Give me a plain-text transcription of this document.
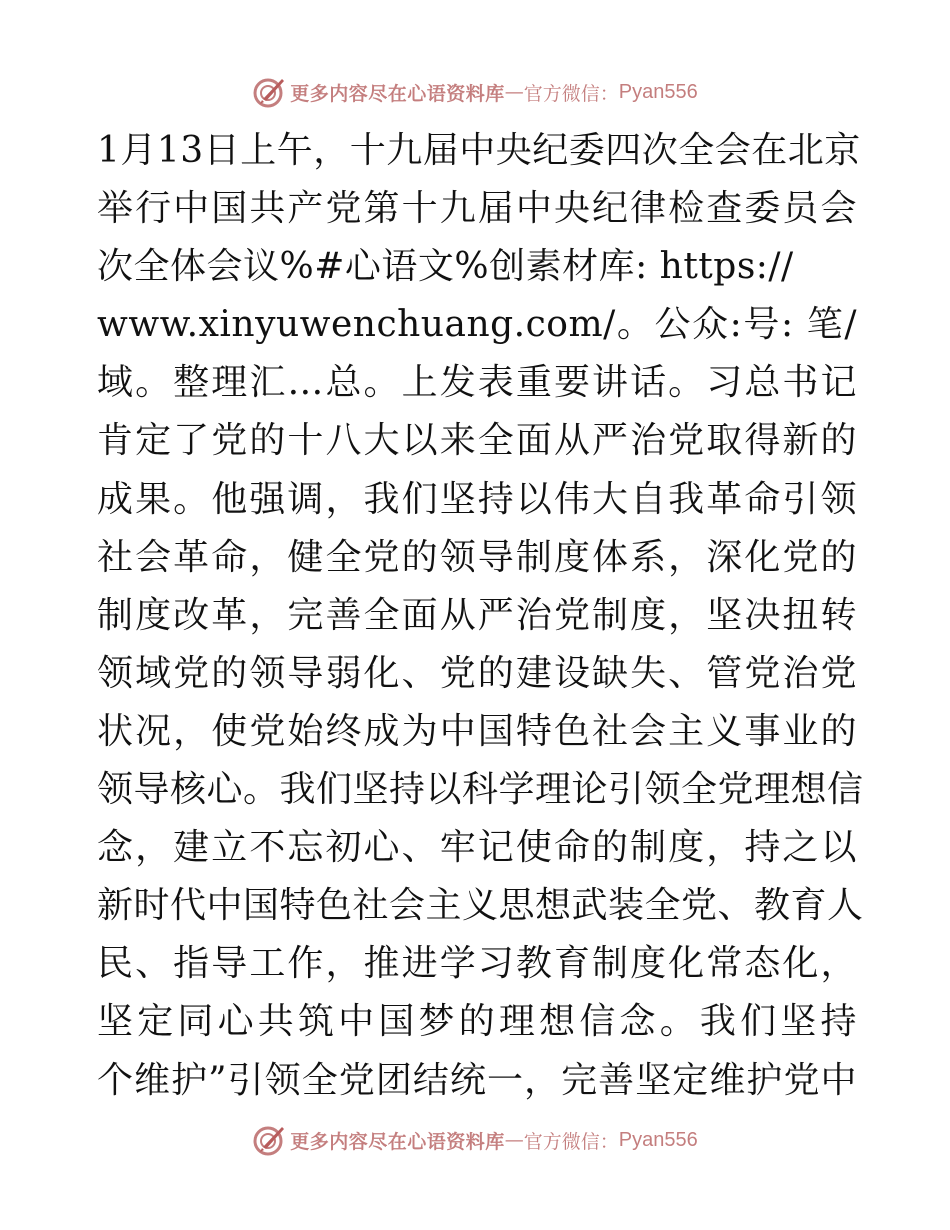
更多内容尽在心语资料库 — 官方微信： Pyan556
1月13日上午，十九届中央纪委四次全会在北京
举行中国共产党第十九届中央纪律检查委员会
次全体会议%#心语文%创素材库: https://
www.xinyuwenchuang.com/。公众:号: 笔/
域。整理汇…总。上发表重要讲话。习总书记
肯定了党的十八大以来全面从严治党取得新的
成果。他强调，我们坚持以伟大自我革命引领
社会革命，健全党的领导制度体系，深化党的
制度改革，完善全面从严治党制度，坚决扭转
领域党的领导弱化、党的建设缺失、管党治党
状况，使党始终成为中国特色社会主义事业的
领导核心。我们坚持以科学理论引领全党理想信
念，建立不忘初心、牢记使命的制度，持之以
新时代中国特色社会主义思想武装全党、教育人
民、指导工作，推进学习教育制度化常态化，
坚定同心共筑中国梦的理想信念。我们坚持
个维护”引领全党团结统一，完善坚定维护党中
更多内容尽在心语资料库 — 官方微信： Pyan556
